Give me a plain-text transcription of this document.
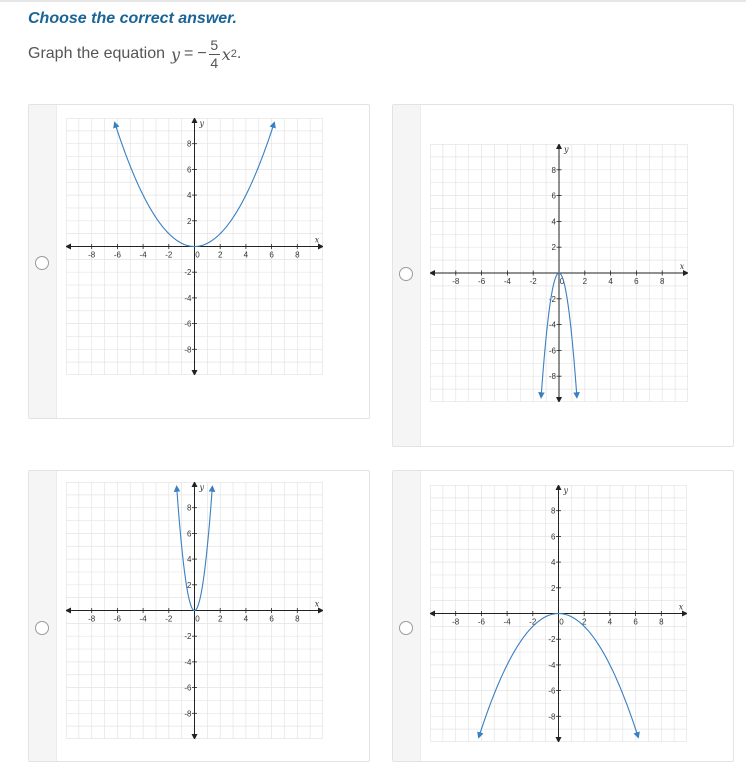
Choose the correct answer.
Graph the equation y = − $\frac{5}{4}$ x 2 .
-8 -6 -4 -2	0 2	4	6	8
8
6
4
2
-2
-4
-6
-8
x
y
-8 -6 -4 -2	0 2	4	6	8
8
6
4
2
-2
-4
-6
-8
x
y
-8 -6 -4 -2	0 2	4	6	8
8
6
4
2
-2
-4
-6
-8
x
y
-8 -6 -4 -2	0 2	4	6	8
8
6
4
2
-2
-4
-6
-8
x
y
